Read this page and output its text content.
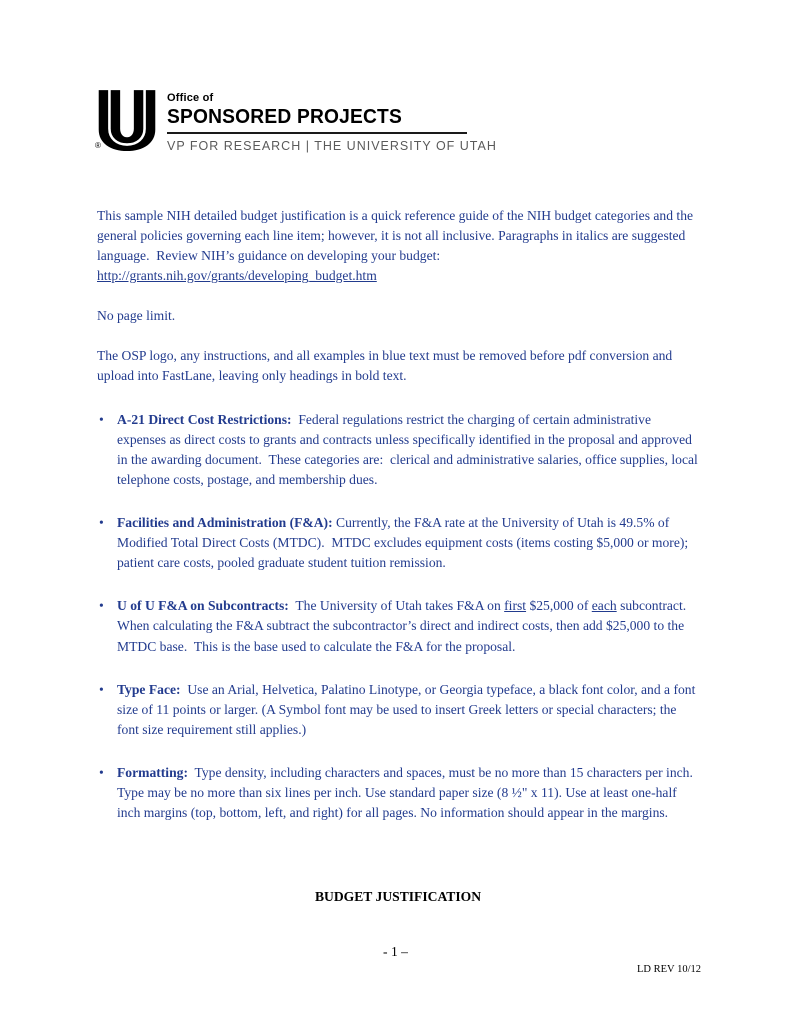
®
Office of
SPONSORED PROJECTS
VP FOR RESEARCH | THE UNIVERSITY OF UTAH

This sample NIH detailed budget justification is a quick reference guide of the NIH budget categories and the general policies governing each line item; however, it is not all inclusive. Paragraphs in italics are suggested language.  Review NIH’s guidance on developing your budget: http://grants.nih.gov/grants/developing_budget.htm

No page limit.

The OSP logo, any instructions, and all examples in blue text must be removed before pdf conversion and upload into FastLane, leaving only headings in bold text.

• A-21 Direct Cost Restrictions:  Federal regulations restrict the charging of certain administrative expenses as direct costs to grants and contracts unless specifically identified in the proposal and approved in the awarding document.  These categories are:  clerical and administrative salaries, office supplies, local telephone costs, postage, and membership dues.
• Facilities and Administration (F&A): Currently, the F&A rate at the University of Utah is 49.5% of Modified Total Direct Costs (MTDC).  MTDC excludes equipment costs (items costing $5,000 or more); patient care costs, pooled graduate student tuition remission.
• U of U F&A on Subcontracts:  The University of Utah takes F&A on first $25,000 of each subcontract.  When calculating the F&A subtract the subcontractor’s direct and indirect costs, then add $25,000 to the MTDC base.  This is the base used to calculate the F&A for the proposal.
• Type Face:  Use an Arial, Helvetica, Palatino Linotype, or Georgia typeface, a black font color, and a font size of 11 points or larger. (A Symbol font may be used to insert Greek letters or special characters; the font size requirement still applies.)
• Formatting:  Type density, including characters and spaces, must be no more than 15 characters per inch. Type may be no more than six lines per inch. Use standard paper size (8 ½" x 11). Use at least one-half inch margins (top, bottom, left, and right) for all pages. No information should appear in the margins.
BUDGET JUSTIFICATION
- 1 –
LD REV 10/12
